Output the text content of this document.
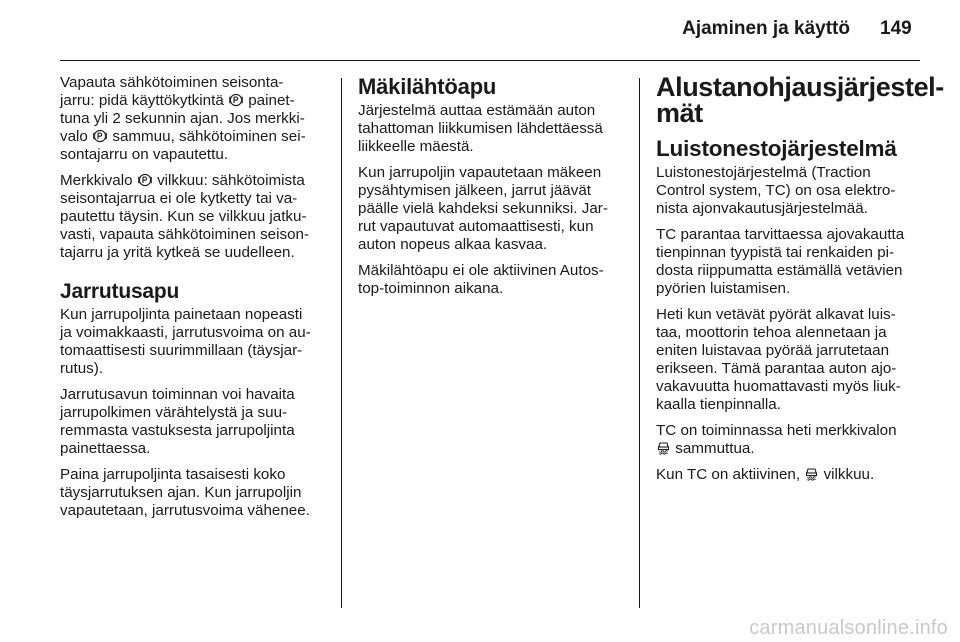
Ajaminen ja käyttö 149

Vapauta sähkötoiminen seisonta-
jarru: pidä käyttökytkintä painet-
tuna yli 2 sekunnin ajan. Jos merkki-
valo sammuu, sähkötoiminen sei-
sontajarru on vapautettu.

Merkkivalo vilkkuu: sähkötoimista
seisontajarrua ei ole kytketty tai va-
pautettu täysin. Kun se vilkkuu jatku-
vasti, vapauta sähkötoiminen seison-
tajarru ja yritä kytkeä se uudelleen.

Jarrutusapu

Kun jarrupoljinta painetaan nopeasti
ja voimakkaasti, jarrutusvoima on au-
tomaattisesti suurimmillaan (täysjar-
rutus).

Jarrutusavun toiminnan voi havaita
jarrupolkimen värähtelystä ja suu-
remmasta vastuksesta jarrupoljinta
painettaessa.

Paina jarrupoljinta tasaisesti koko
täysjarrutuksen ajan. Kun jarrupoljin
vapautetaan, jarrutusvoima vähenee.

Mäkilähtöapu

Järjestelmä auttaa estämään auton
tahattoman liikkumisen lähdettäessä
liikkeelle mäestä.

Kun jarrupoljin vapautetaan mäkeen
pysähtymisen jälkeen, jarrut jäävät
päälle vielä kahdeksi sekunniksi. Jar-
rut vapautuvat automaattisesti, kun
auton nopeus alkaa kasvaa.

Mäkilähtöapu ei ole aktiivinen Autos-
top-toiminnon aikana.

Alustanohjausjärjestel-
mät
Luistonestojärjestelmä

Luistonestojärjestelmä (Traction
Control system, TC) on osa elektro-
nista ajonvakautusjärjestelmää.

TC parantaa tarvittaessa ajovakautta
tienpinnan tyypistä tai renkaiden pi-
dosta riippumatta estämällä vetävien
pyörien luistamisen.

Heti kun vetävät pyörät alkavat luis-
taa, moottorin tehoa alennetaan ja
eniten luistavaa pyörää jarrutetaan
erikseen. Tämä parantaa auton ajo-
vakavuutta huomattavasti myös liuk-
kaalla tienpinnalla.

TC on toiminnassa heti merkkivalon
sammuttua.

Kun TC on aktiivinen, vilkkuu.

carmanualsonline.info
